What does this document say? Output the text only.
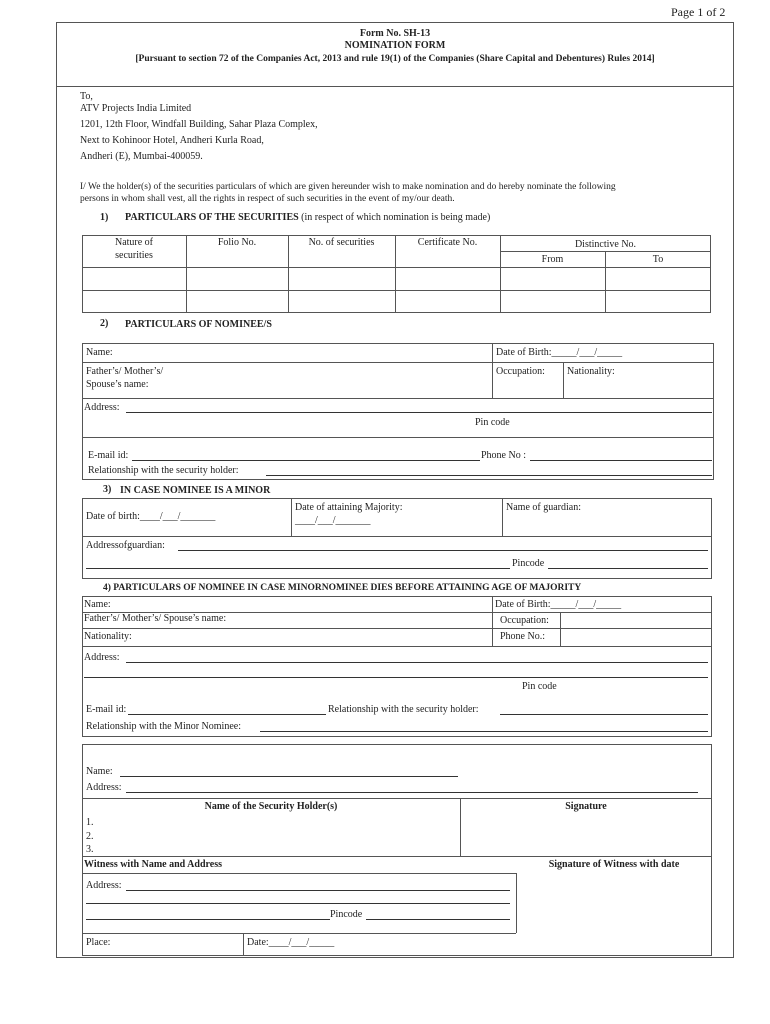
Page 1 of 2
Form No. SH-13
NOMINATION FORM
[Pursuant to section 72 of the Companies Act, 2013 and rule 19(1) of the Companies (Share Capital and Debentures) Rules 2014]
To,
ATV Projects India Limited
1201, 12th Floor, Windfall Building, Sahar Plaza Complex,
Next to Kohinoor Hotel, Andheri Kurla Road,
Andheri (E), Mumbai-400059.
I/ We the holder(s) of the securities particulars of which are given hereunder wish to make nomination and do hereby nominate the following
persons in whom shall vest, all the rights in respect of such securities in the event of my/our death.
1) PARTICULARS OF THE SECURITIES (in respect of which nomination is being made)
Nature of
securities
Folio No.	No. of securities	Certificate No.	Distinctive No.
From	To
2) PARTICULARS OF NOMINEE/S
Name:	Date of Birth:_____/___/_____
Father’s/ Mother’s/
Spouse’s name:
Occupation: Nationality:
Address:
Pin code
E-mail id:	Phone No :
Relationship with the security holder:
3) IN CASE NOMINEE IS A MINOR
Date of birth:____/___/_______
Date of attaining Majority:
____/___/_______
Name of guardian:
Addressofguardian:
Pincode
4) PARTICULARS OF NOMINEE IN CASE MINORNOMINEE DIES BEFORE ATTAINING AGE OF MAJORITY
Name:	Date of Birth:_____/___/_____
Father’s/ Mother’s/ Spouse’s name:	Occupation:
Nationality:	Phone No.:
Address:
Pin code
E-mail id:	Relationship with the security holder:
Relationship with the Minor Nominee:
Name:
Address:
Name of the Security Holder(s)	Signature
1.
2.
3.
Witness with Name and Address	Signature of Witness with date
Address:
Pincode
Place:	Date:____/___/_____
